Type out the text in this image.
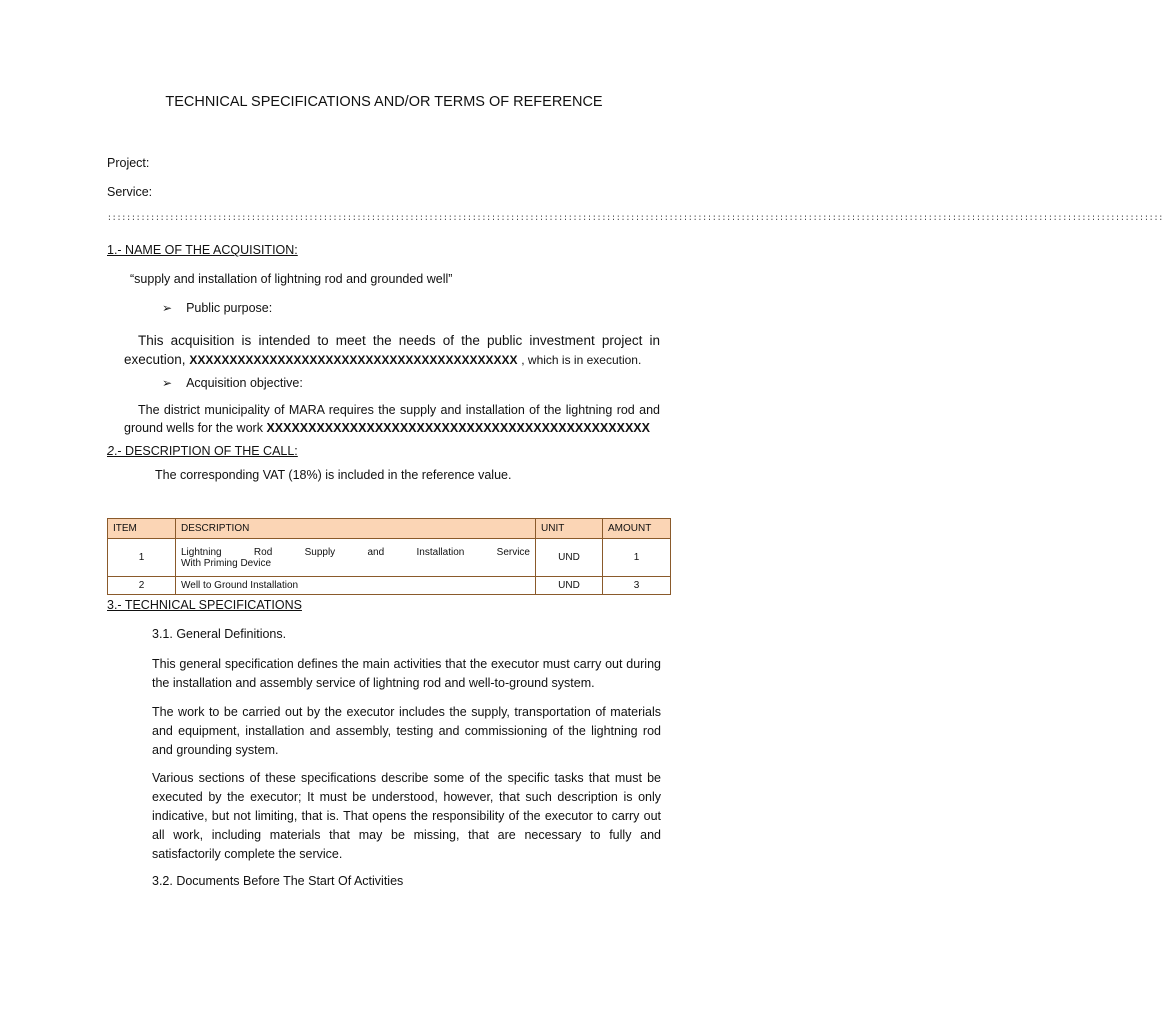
TECHNICAL SPECIFICATIONS AND/OR TERMS OF REFERENCE
Project:
Service:
::::::::::::::::::::::::::::::::::::::::::::::::::::::::::::::::::::::::::::::::::::::::::::::::::::::::::::::::::::::::::::::::::::::::::::::::::::::::::::::::::::::::::::::::::::::::::::::::::::::::::::::::::::::::::::
1.- NAME OF THE ACQUISITION:
“supply and installation of lightning rod and grounded well”
➢ Public purpose:
This acquisition is intended to meet the needs of the public investment project in execution, XXXXXXXXXXXXXXXXXXXXXXXXXXXXXXXXXXXXXXXXX , which is in execution.
➢ Acquisition objective:
The district municipality of MARA requires the supply and installation of the lightning rod and ground wells for the work XXXXXXXXXXXXXXXXXXXXXXXXXXXXXXXXXXXXXXXXXXXXXX
2.- DESCRIPTION OF THE CALL:
The corresponding VAT (18%) is included in the reference value.
ITEM	DESCRIPTION	UNIT	AMOUNT
1	Lightning Rod Supply and Installation Service
With Priming Device	UND	1
2	Well to Ground Installation	UND	3
3.- TECHNICAL SPECIFICATIONS
3.1. General Definitions.
This general specification defines the main activities that the executor must carry out during the installation and assembly service of lightning rod and well-to-ground system.
The work to be carried out by the executor includes the supply, transportation of materials and equipment, installation and assembly, testing and commissioning of the lightning rod and grounding system.
Various sections of these specifications describe some of the specific tasks that must be executed by the executor; It must be understood, however, that such description is only indicative, but not limiting, that is. That opens the responsibility of the executor to carry out all work, including materials that may be missing, that are necessary to fully and satisfactorily complete the service.
3.2. Documents Before The Start Of Activities
